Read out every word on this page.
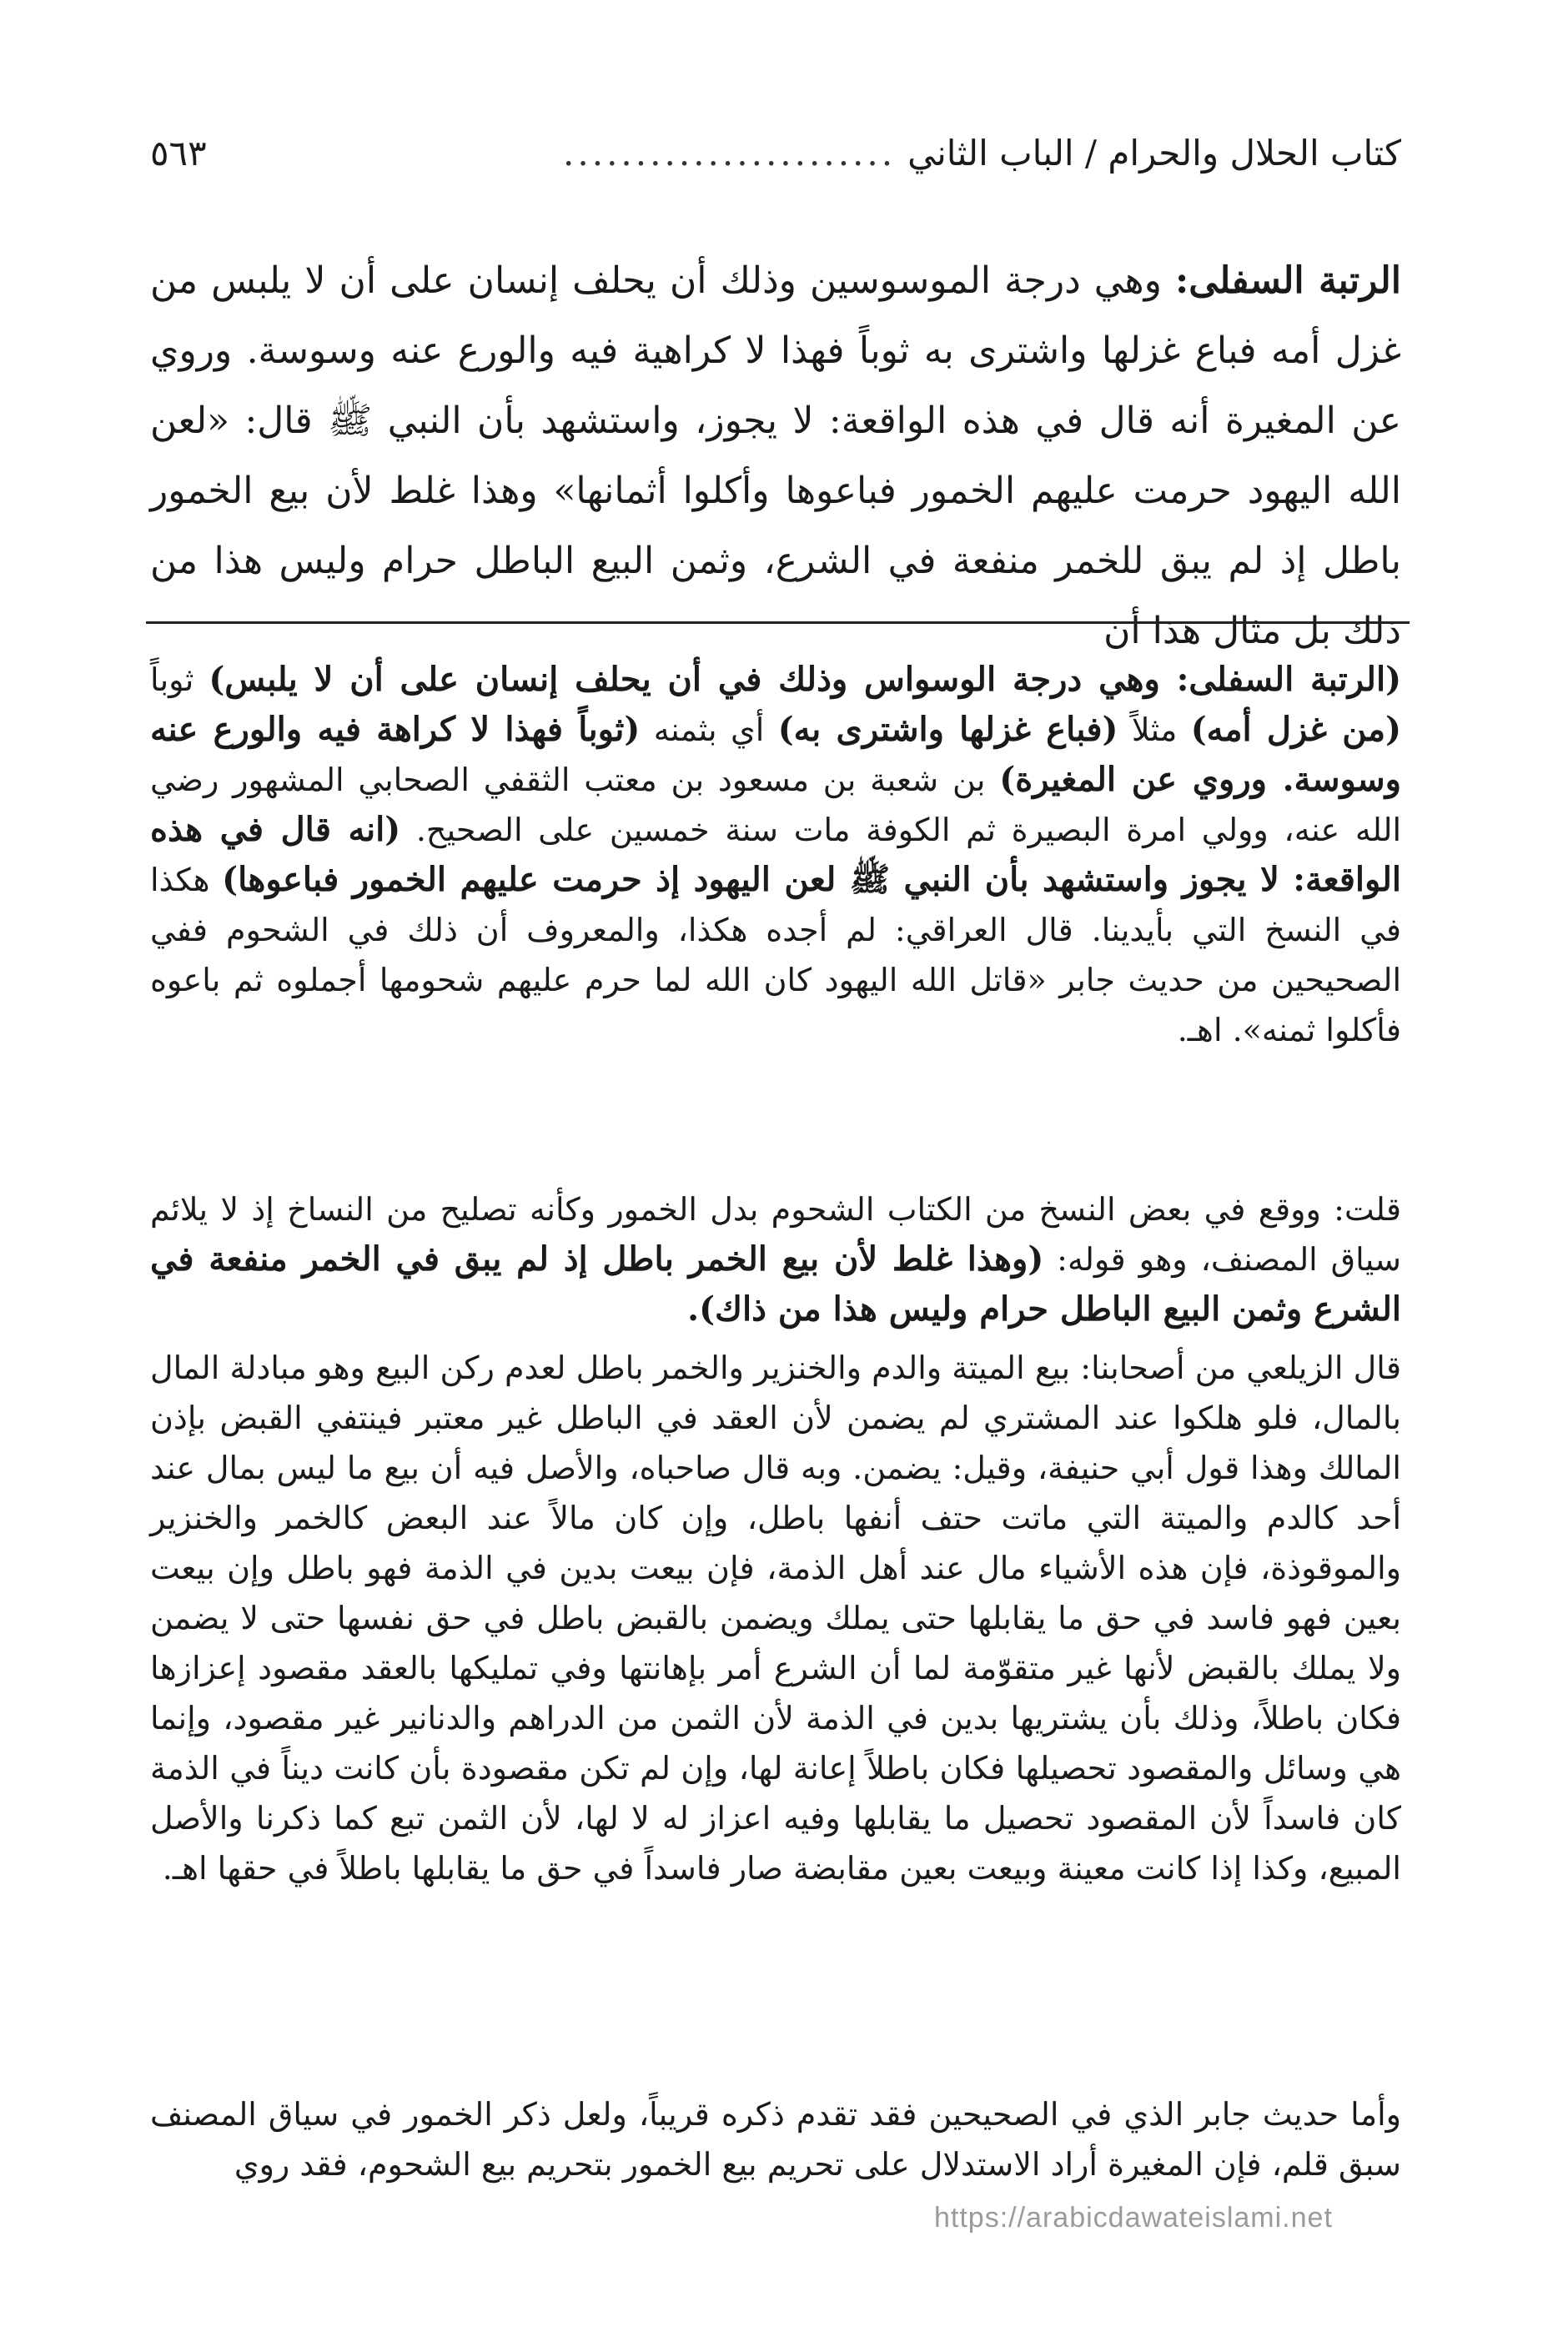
كتاب الحلال والحرام / الباب الثاني
.......................
٥٦٣

الرتبة السفلى: وهي درجة الموسوسين وذلك أن يحلف إنسان على أن لا يلبس من غزل أمه فباع غزلها واشترى به ثوباً فهذا لا كراهية فيه والورع عنه وسوسة. وروي عن المغيرة أنه قال في هذه الواقعة: لا يجوز، واستشهد بأن النبي ﷺ قال: «لعن الله اليهود حرمت عليهم الخمور فباعوها وأكلوا أثمانها» وهذا غلط لأن بيع الخمور باطل إذ لم يبق للخمر منفعة في الشرع، وثمن البيع الباطل حرام وليس هذا من ذلك بل مثال هذا أن

(الرتبة السفلى: وهي درجة الوسواس وذلك في أن يحلف إنسان على أن لا يلبس) ثوباً (من غزل أمه) مثلاً (فباع غزلها واشترى به) أي بثمنه (ثوباً فهذا لا كراهة فيه والورع عنه وسوسة. وروي عن المغيرة) بن شعبة بن مسعود بن معتب الثقفي الصحابي المشهور رضي الله عنه، وولي امرة البصيرة ثم الكوفة مات سنة خمسين على الصحيح. (انه قال في هذه الواقعة: لا يجوز واستشهد بأن النبي ﷺ لعن اليهود إذ حرمت عليهم الخمور فباعوها) هكذا في النسخ التي بأيدينا. قال العراقي: لم أجده هكذا، والمعروف أن ذلك في الشحوم ففي الصحيحين من حديث جابر «قاتل الله اليهود كان الله لما حرم عليهم شحومها أجملوه ثم باعوه فأكلوا ثمنه». اهـ.

قلت: ووقع في بعض النسخ من الكتاب الشحوم بدل الخمور وكأنه تصليح من النساخ إذ لا يلائم سياق المصنف، وهو قوله: (وهذا غلط لأن بيع الخمر باطل إذ لم يبق في الخمر منفعة في الشرع وثمن البيع الباطل حرام وليس هذا من ذاك).

قال الزيلعي من أصحابنا: بيع الميتة والدم والخنزير والخمر باطل لعدم ركن البيع وهو مبادلة المال بالمال، فلو هلكوا عند المشتري لم يضمن لأن العقد في الباطل غير معتبر فينتفي القبض بإذن المالك وهذا قول أبي حنيفة، وقيل: يضمن. وبه قال صاحباه، والأصل فيه أن بيع ما ليس بمال عند أحد كالدم والميتة التي ماتت حتف أنفها باطل، وإن كان مالاً عند البعض كالخمر والخنزير والموقوذة، فإن هذه الأشياء مال عند أهل الذمة، فإن بيعت بدين في الذمة فهو باطل وإن بيعت بعين فهو فاسد في حق ما يقابلها حتى يملك ويضمن بالقبض باطل في حق نفسها حتى لا يضمن ولا يملك بالقبض لأنها غير متقوّمة لما أن الشرع أمر بإهانتها وفي تمليكها بالعقد مقصود إعزازها فكان باطلاً، وذلك بأن يشتريها بدين في الذمة لأن الثمن من الدراهم والدنانير غير مقصود، وإنما هي وسائل والمقصود تحصيلها فكان باطلاً إعانة لها، وإن لم تكن مقصودة بأن كانت ديناً في الذمة كان فاسداً لأن المقصود تحصيل ما يقابلها وفيه اعزاز له لا لها، لأن الثمن تبع كما ذكرنا والأصل المبيع، وكذا إذا كانت معينة وبيعت بعين مقابضة صار فاسداً في حق ما يقابلها باطلاً في حقها اهـ.

وأما حديث جابر الذي في الصحيحين فقد تقدم ذكره قريباً، ولعل ذكر الخمور في سياق المصنف سبق قلم، فإن المغيرة أراد الاستدلال على تحريم بيع الخمور بتحريم بيع الشحوم، فقد روي

https://arabicdawateislami.net
